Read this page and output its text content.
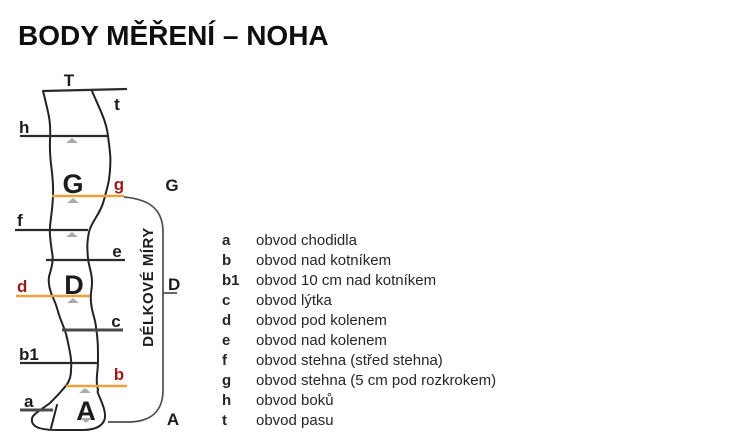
BODY MĚŘENÍ – NOHA
T
t
h
G g
f
e
d D
c
b1
b
a A
G
D
A
DÉLKOVÉ MÍRY	a	obvod chodidla
b	obvod nad kotníkem
b1	obvod 10 cm nad kotníkem
c	obvod lýtka
d	obvod pod kolenem
e	obvod nad kolenem
f	obvod stehna (střed stehna)
g	obvod stehna (5 cm pod rozkrokem)
h	obvod boků
t	obvod pasu
